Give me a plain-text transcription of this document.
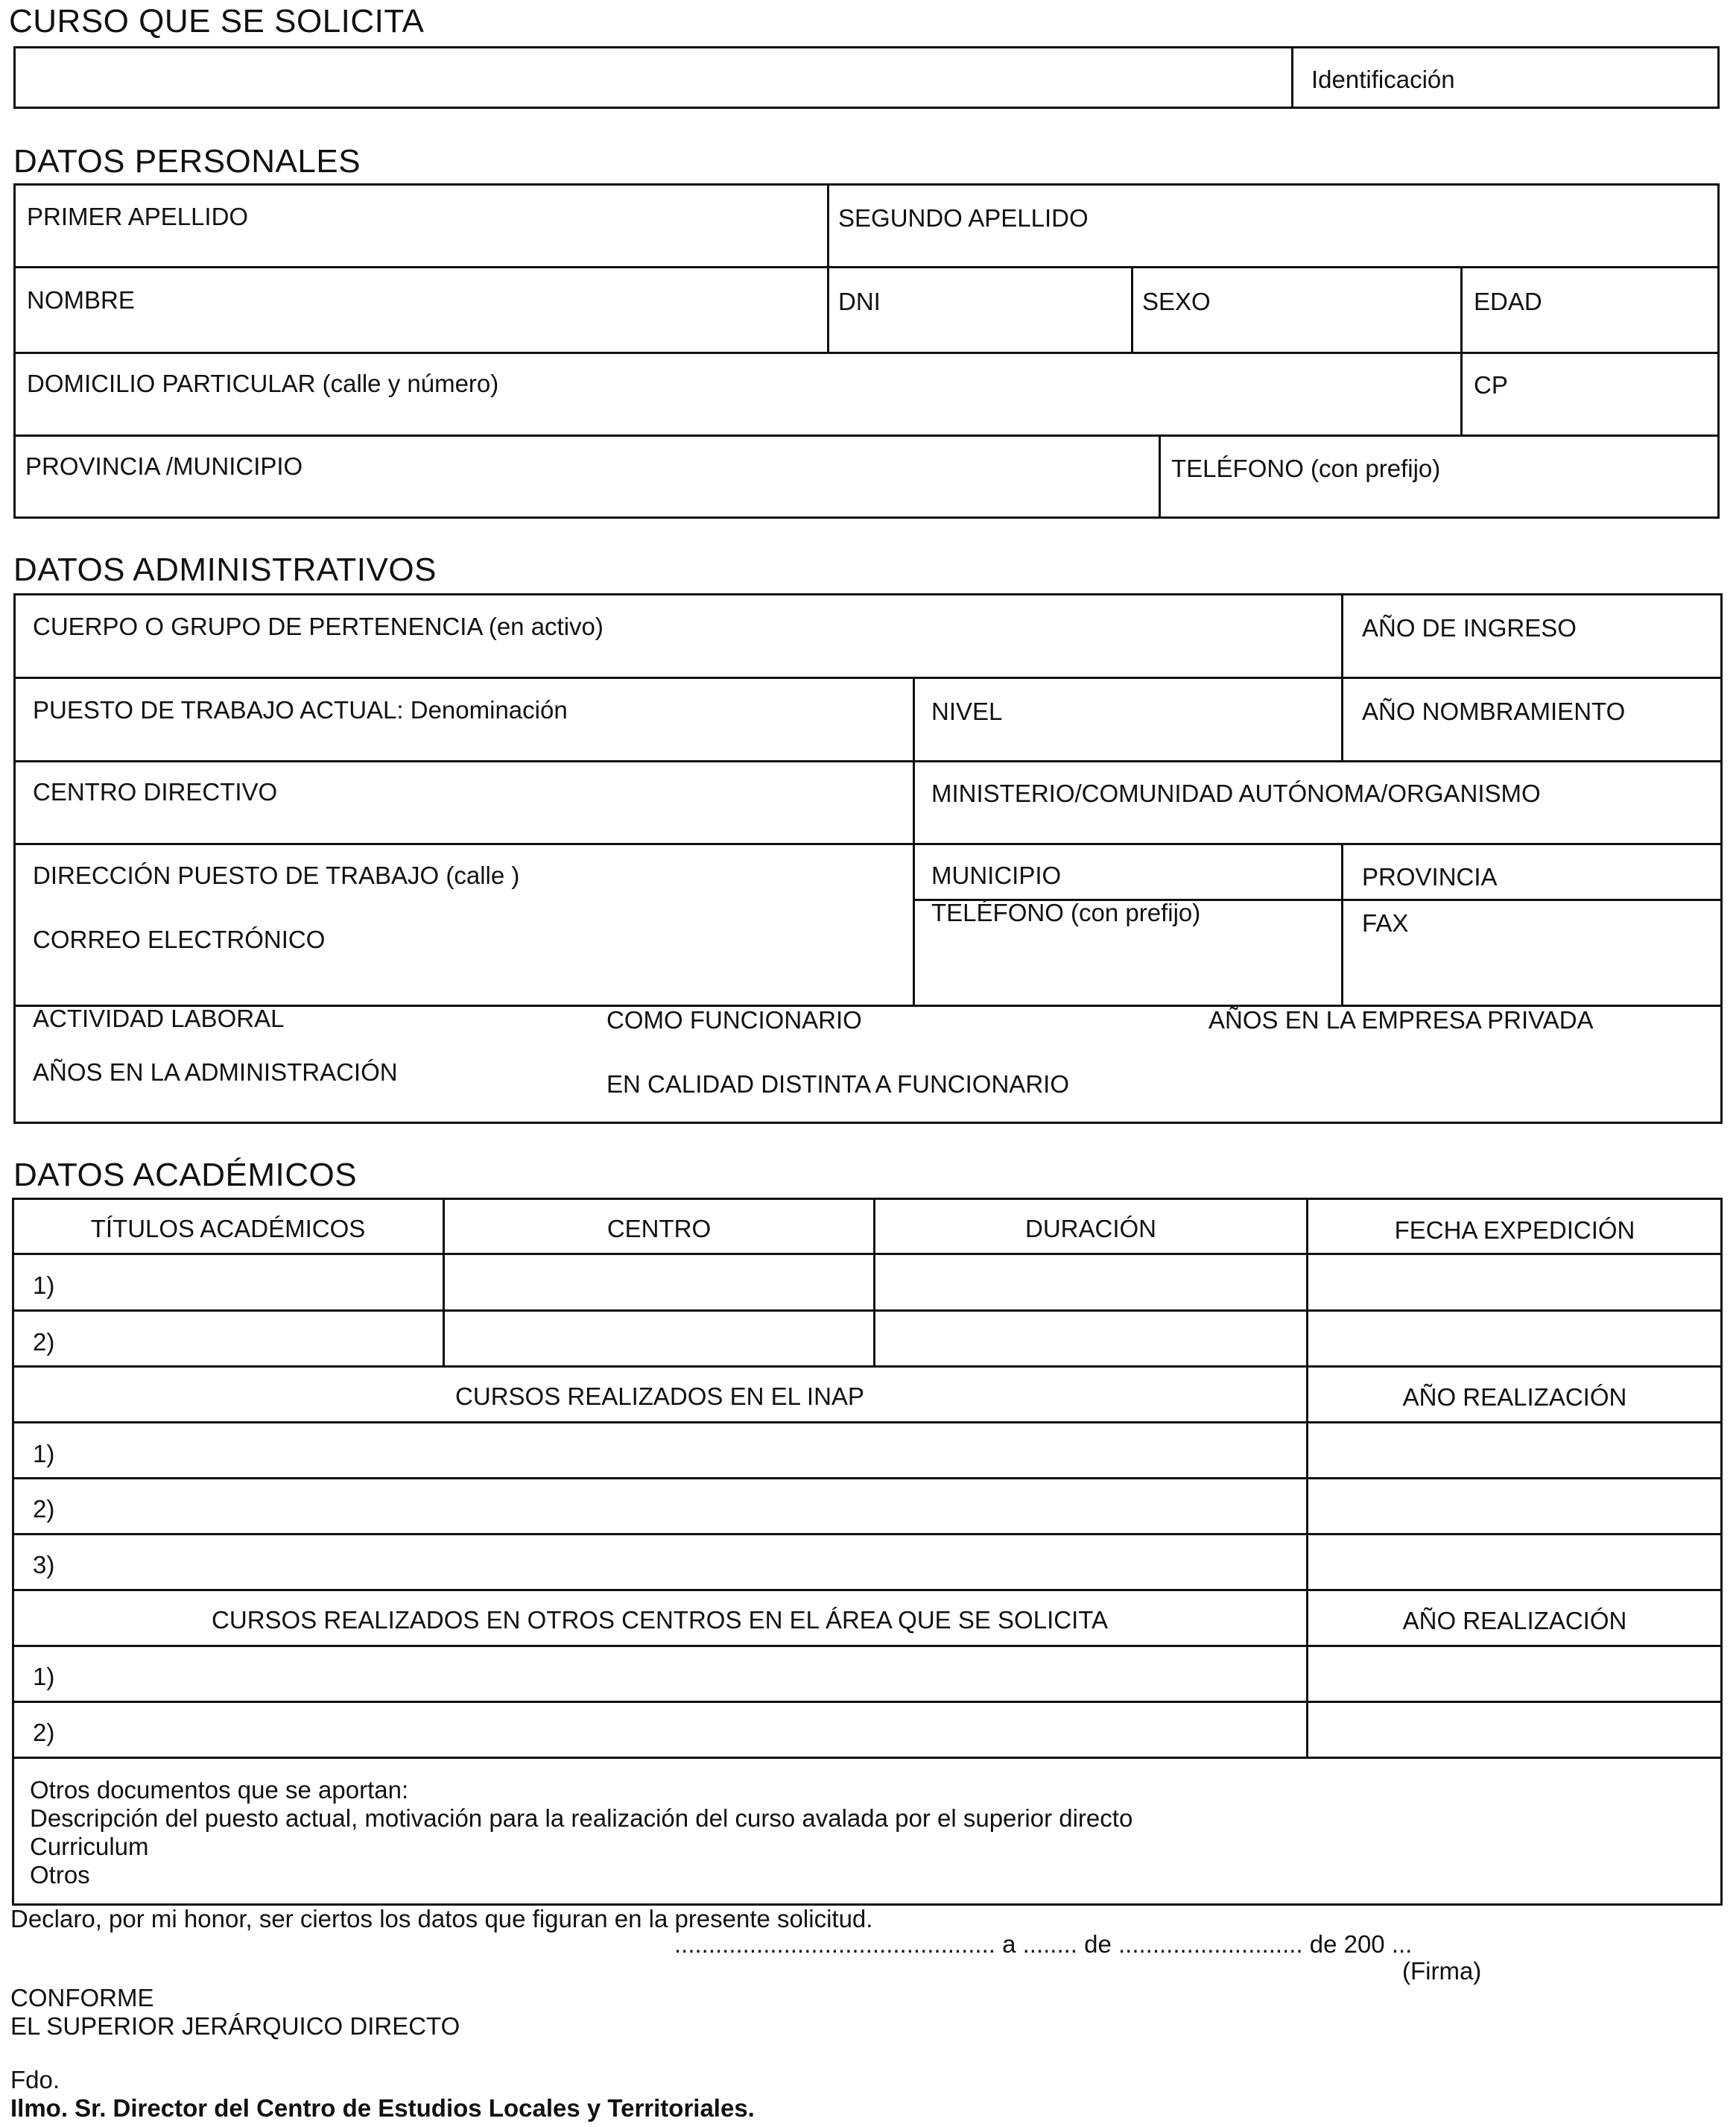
CURSO QUE SE SOLICITA
Identificación
DATOS PERSONALES
PRIMER APELLIDO	SEGUNDO APELLIDO
NOMBRE	DNI	SEXO	EDAD
DOMICILIO PARTICULAR (calle y número)	CP
PROVINCIA /MUNICIPIO	TELÉFONO (con prefijo)
DATOS ADMINISTRATIVOS
CUERPO O GRUPO DE PERTENENCIA (en activo)	AÑO DE INGRESO
PUESTO DE TRABAJO ACTUAL: Denominación	NIVEL	AÑO NOMBRAMIENTO
CENTRO DIRECTIVO	MINISTERIO/COMUNIDAD AUTÓNOMA/ORGANISMO
DIRECCIÓN PUESTO DE TRABAJO (calle )	MUNICIPIO	PROVINCIA
CORREO ELECTRÓNICO
TELÉFONO (con prefijo)	FAX
ACTIVIDAD LABORAL	COMO FUNCIONARIO	AÑOS EN LA EMPRESA PRIVADA
AÑOS EN LA ADMINISTRACIÓN	EN CALIDAD DISTINTA A FUNCIONARIO
DATOS ACADÉMICOS
TÍTULOS ACADÉMICOS	CENTRO	DURACIÓN	FECHA EXPEDICIÓN
1)
2)
CURSOS REALIZADOS EN EL INAP	AÑO REALIZACIÓN
1)
2)
3)
CURSOS REALIZADOS EN OTROS CENTROS EN EL ÁREA QUE SE SOLICITA	AÑO REALIZACIÓN
1)
2)
Otros documentos que se aportan:
Descripción del puesto actual, motivación para la realización del curso avalada por el superior directo
Curriculum
Otros
Declaro, por mi honor, ser ciertos los datos que figuran en la presente solicitud.
............................................... a ........ de ........................... de 200 ...
(Firma)
CONFORME
EL SUPERIOR JERÁRQUICO DIRECTO
Fdo.
Ilmo. Sr. Director del Centro de Estudios Locales y Territoriales.
